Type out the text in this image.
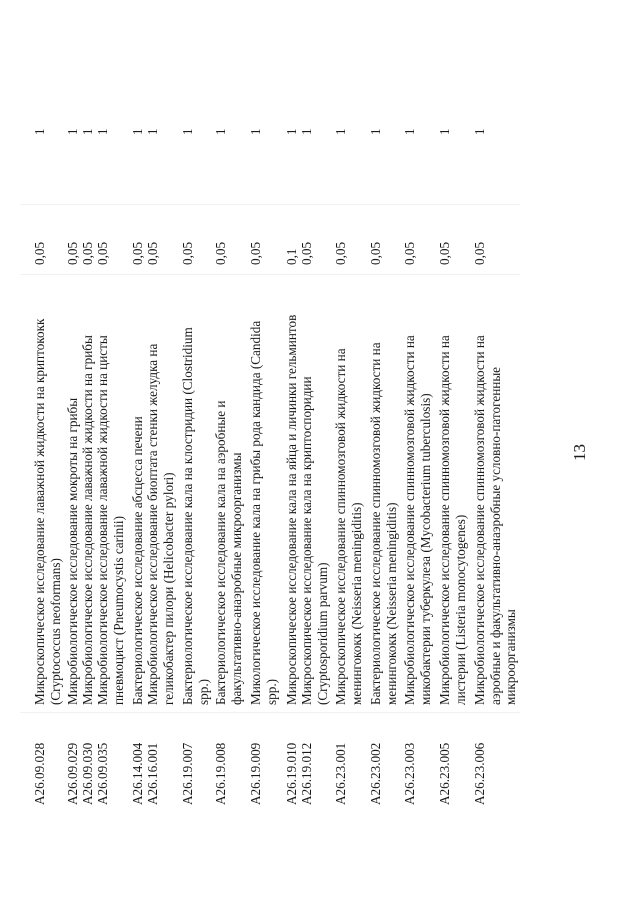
13
А26.09.028
Микроскопическое исследование лаважной жидкости на криптококк (Cryptococcus neoformans)
0,05
1
А26.09.029
Микробиологическое исследование мокроты на грибы
0,05
1
А26.09.030
Микробиологическое исследование лаважной жидкости на грибы
0,05
1
А26.09.035
Микробиологическое исследование лаважной жидкости на цисты пневмоцист (Pneumocystis carinii)
0,05
1
А26.14.004
Бактериологическое исследование абсцесса печени
0,05
1
А26.16.001
Микробиологическое исследование биоптата стенки желудка на геликобактер пилори (Helicobacter pylori)
0,05
1
А26.19.007
Бактериологическое исследование кала на клостридии (Clostridium spp.)
0,05
1
А26.19.008
Бактериологическое исследование кала на аэробные и факультативно-анаэробные микроорганизмы
0,05
1
А26.19.009
Микологическое исследование кала на грибы рода кандида (Candida spp.)
0,05
1
А26.19.010
Микроскопическое исследование кала на яйца и личинки гельминтов
0,1
1
А26.19.012
Микроскопическое исследование кала на криптоспоридии (Cryptosporidium parvum)
0,05
1
А26.23.001
Микроскопическое исследование спинномозговой жидкости на менингококк (Neisseria meningiditis)
0,05
1
А26.23.002
Бактериологическое исследование спинномозговой жидкости на менингококк (Neisseria meningiditis)
0,05
1
А26.23.003
Микробиологическое исследование спинномозговой жидкости на микобактерии туберкулеза (Mycobacterium tuberculosis)
0,05
1
А26.23.005
Микробиологическое исследование спинномозговой жидкости на листерии (Listeria monocytogenes)
0,05
1
А26.23.006
Микробиологическое исследование спинномозговой жидкости на аэробные и факультативно-анаэробные условно-патогенные микроорганизмы
0,05
1
